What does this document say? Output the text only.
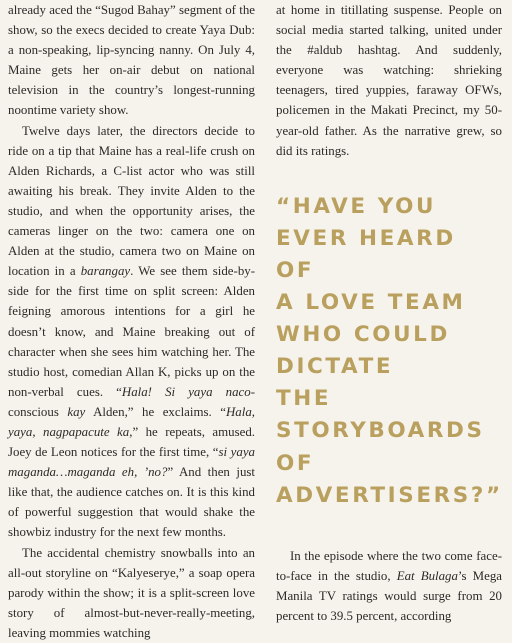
already aced the “Sugod Bahay” segment of the show, so the execs decided to create Yaya Dub: a non-speaking, lip-syncing nanny. On July 4, Maine gets her on-air debut on national television in the country’s longest-running noontime variety show.

Twelve days later, the directors decide to ride on a tip that Maine has a real-life crush on Alden Richards, a C-list actor who was still awaiting his break. They invite Alden to the studio, and when the opportunity arises, the cameras linger on the two: camera one on Alden at the studio, camera two on Maine on location in a barangay. We see them side-by-side for the first time on split screen: Alden feigning amorous intentions for a girl he doesn’t know, and Maine breaking out of character when she sees him watching her. The studio host, comedian Allan K, picks up on the non-verbal cues. “Hala! Si yaya naco-conscious kay Alden,” he exclaims. “Hala, yaya, nagpapacute ka,” he repeats, amused. Joey de Leon notices for the first time, “si yaya maganda…maganda eh, ’no?” And then just like that, the audience catches on. It is this kind of powerful suggestion that would shake the showbiz industry for the next few months.

The accidental chemistry snowballs into an all-out storyline on “Kalyeserye,” a soap opera parody within the show; it is a split-screen love story of almost-but-never-really-meeting, leaving mommies watching

at home in titillating suspense. People on social media started talking, united under the #aldub hashtag. And suddenly, everyone was watching: shrieking teenagers, tired yuppies, faraway OFWs, policemen in the Makati Precinct, my 50-year-old father. As the narrative grew, so did its ratings.

“HAVE YOU
EVER HEARD OF
A LOVE TEAM
WHO COULD
DICTATE
THE
STORYBOARDS
OF
ADVERTISERS?”

In the episode where the two come face-to-face in the studio, Eat Bulaga’s Mega Manila TV ratings would surge from 20 percent to 39.5 percent, according
